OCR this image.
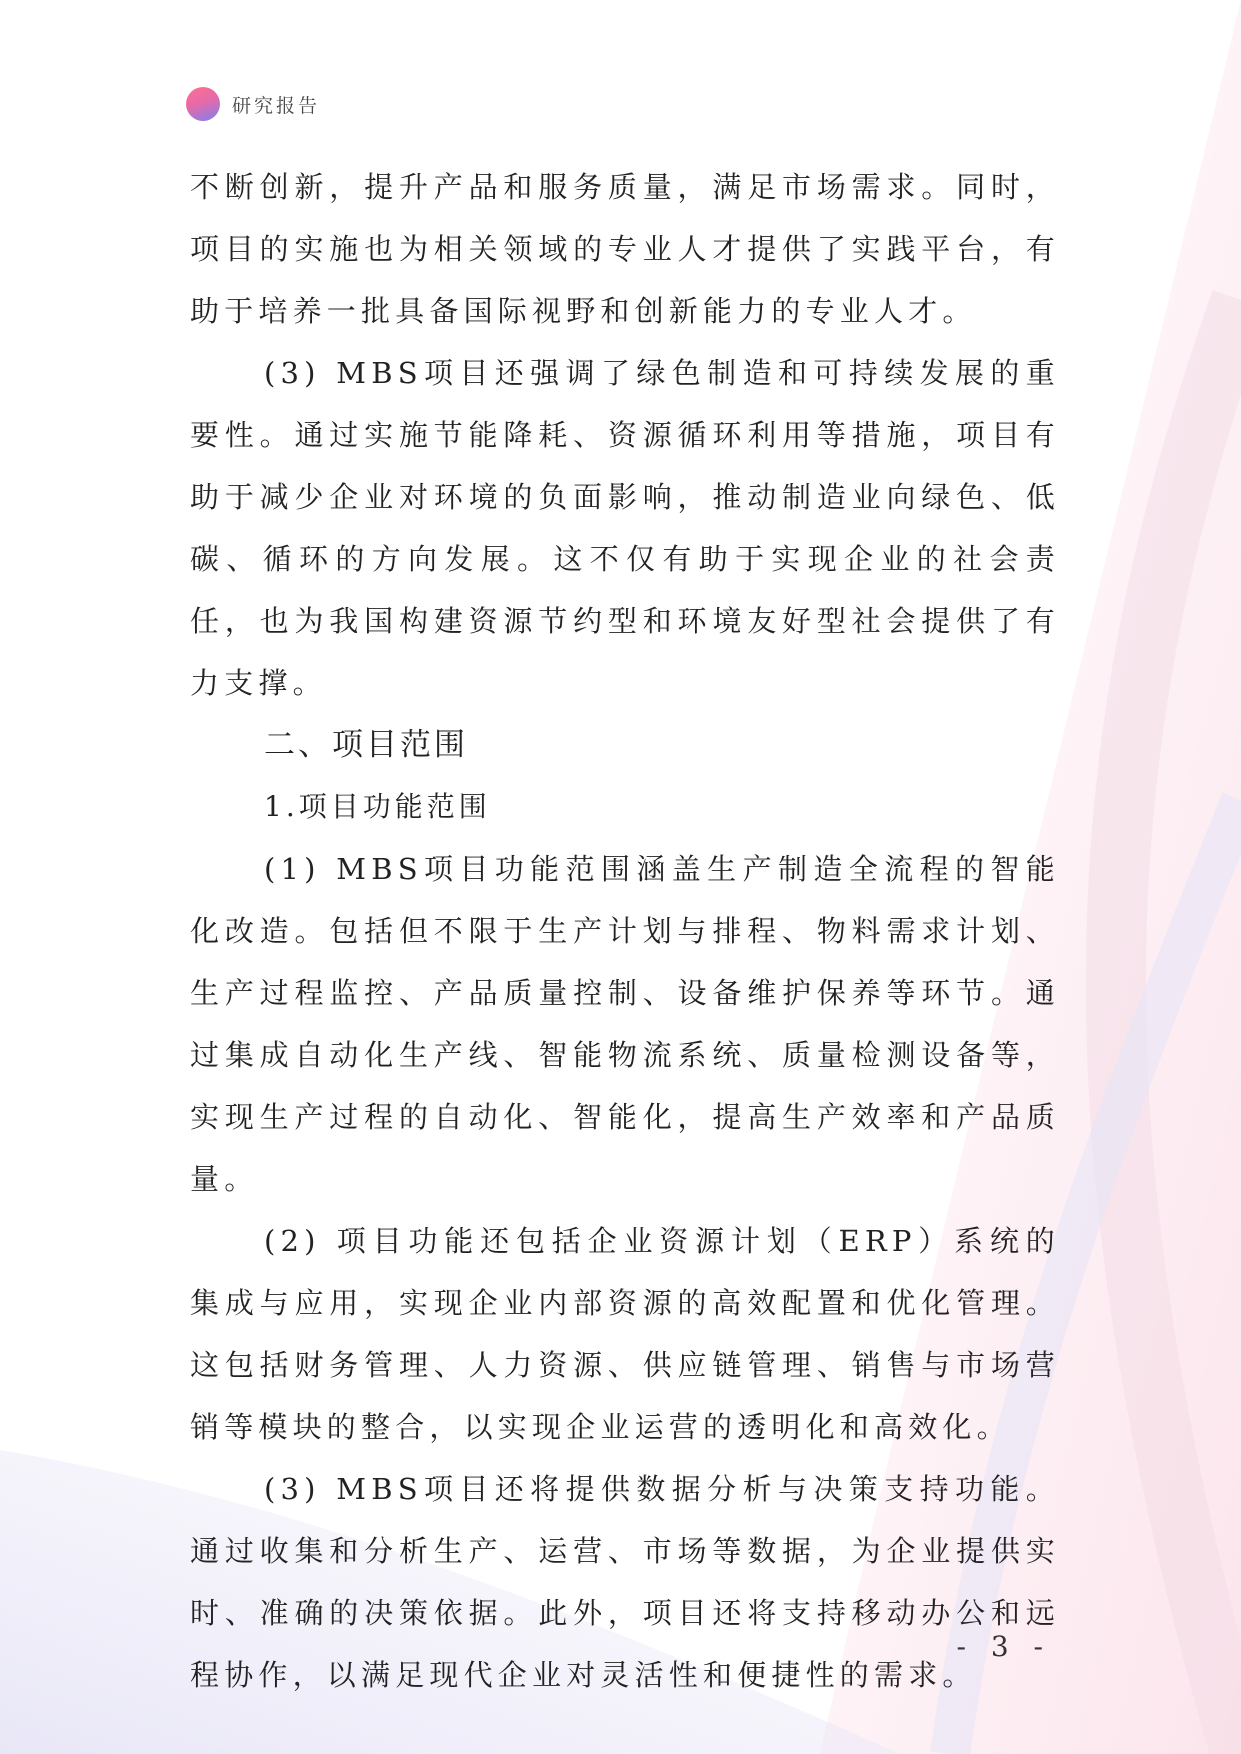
研究报告

不断创新，提升产品和服务质量，满足市场需求。同时，项目的实施也为相关领域的专业人才提供了实践平台，有助于培养一批具备国际视野和创新能力的专业人才。

(3) MBS项目还强调了绿色制造和可持续发展的重要性。通过实施节能降耗、资源循环利用等措施，项目有助于减少企业对环境的负面影响，推动制造业向绿色、低碳、循环的方向发展。这不仅有助于实现企业的社会责任，也为我国构建资源节约型和环境友好型社会提供了有力支撑。

二、项目范围

1.项目功能范围

(1) MBS项目功能范围涵盖生产制造全流程的智能化改造。包括但不限于生产计划与排程、物料需求计划、生产过程监控、产品质量控制、设备维护保养等环节。通过集成自动化生产线、智能物流系统、质量检测设备等，实现生产过程的自动化、智能化，提高生产效率和产品质量。

(2) 项目功能还包括企业资源计划（ERP）系统的集成与应用，实现企业内部资源的高效配置和优化管理。这包括财务管理、人力资源、供应链管理、销售与市场营销等模块的整合，以实现企业运营的透明化和高效化。

(3) MBS项目还将提供数据分析与决策支持功能。通过收集和分析生产、运营、市场等数据，为企业提供实时、准确的决策依据。此外，项目还将支持移动办公和远程协作，以满足现代企业对灵活性和便捷性的需求。

- 3 -
